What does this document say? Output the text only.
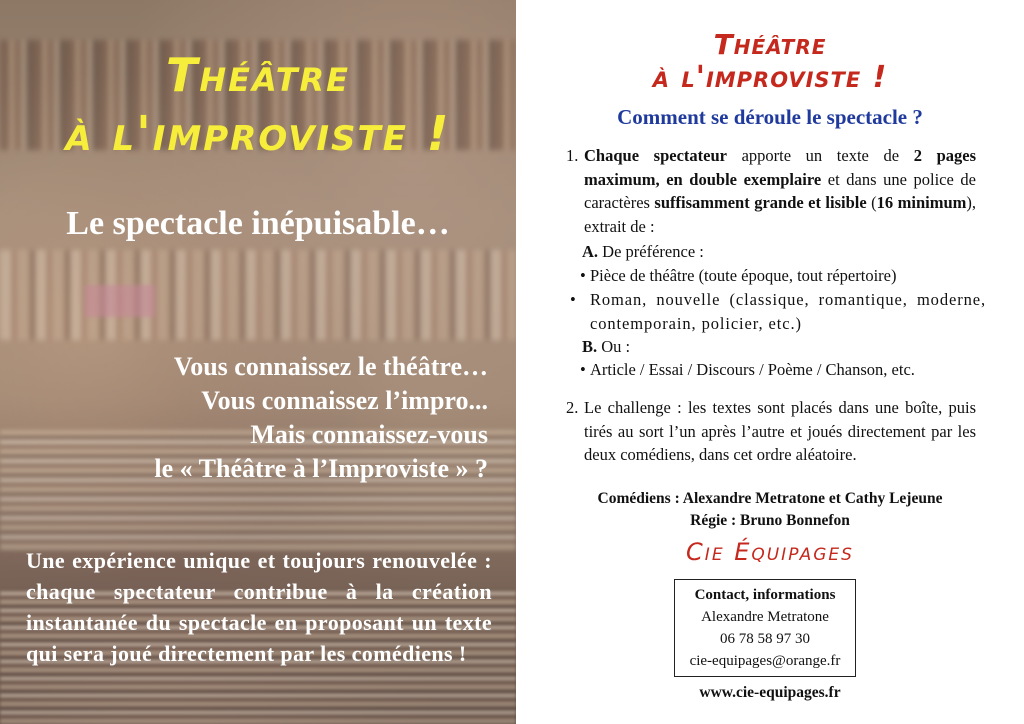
Théâtre
à l'improviste !
Le spectacle inépuisable…
Vous connaissez le théâtre…
Vous connaissez l’impro...
Mais connaissez-vous
le « Théâtre à l’Improviste » ?
Une expérience unique et toujours renouvelée : chaque spectateur contribue à la création instantanée du spectacle en proposant un texte qui sera joué directement par les comédiens !
Théâtre
à l'improviste !
Comment se déroule le spectacle ?
1. Chaque spectateur apporte un texte de 2 pages maximum, en double exemplaire et dans une police de caractères suffisamment grande et lisible (16 minimum), extrait de :
A. De préférence :
• Pièce de théâtre (toute époque, tout répertoire)
• Roman, nouvelle (classique, romantique, moderne, contemporain, policier, etc.)
B. Ou :
• Article / Essai / Discours / Poème / Chanson, etc.
2. Le challenge : les textes sont placés dans une boîte, puis tirés au sort l’un après l’autre et joués directement par les deux comédiens, dans cet ordre aléatoire.
Comédiens : Alexandre Metratone et Cathy Lejeune
Régie : Bruno Bonnefon
Cie Équipages
Contact, informations
Alexandre Metratone
06 78 58 97 30
cie-equipages@orange.fr
www.cie-equipages.fr
